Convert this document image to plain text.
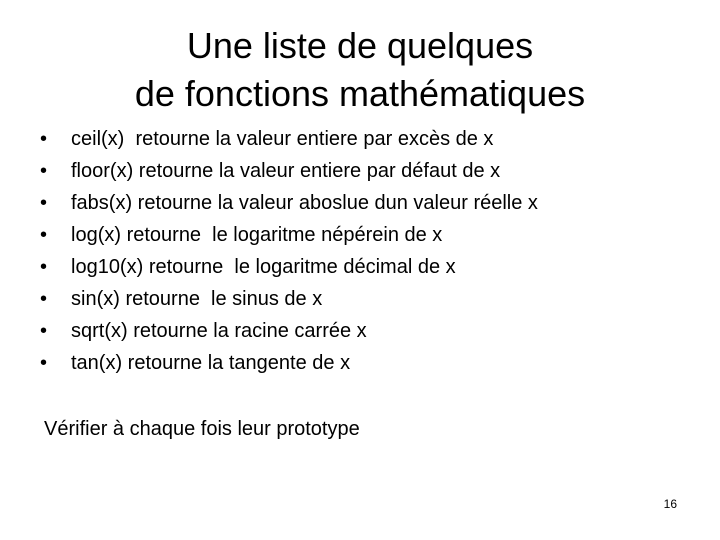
Une liste de quelques
de fonctions mathématiques

•

	ceil(x)  retourne la valeur entiere par excès de x

•

	floor(x) retourne la valeur entiere par défaut de x

•

	fabs(x) retourne la valeur aboslue dun valeur réelle x

•

	log(x) retourne  le logaritme népérein de x

•

	log10(x) retourne  le logaritme décimal de x

•

	sin(x) retourne  le sinus de x

•

	sqrt(x) retourne la racine carrée x

•

	tan(x) retourne la tangente de x

Vérifier à chaque fois leur prototype
16
